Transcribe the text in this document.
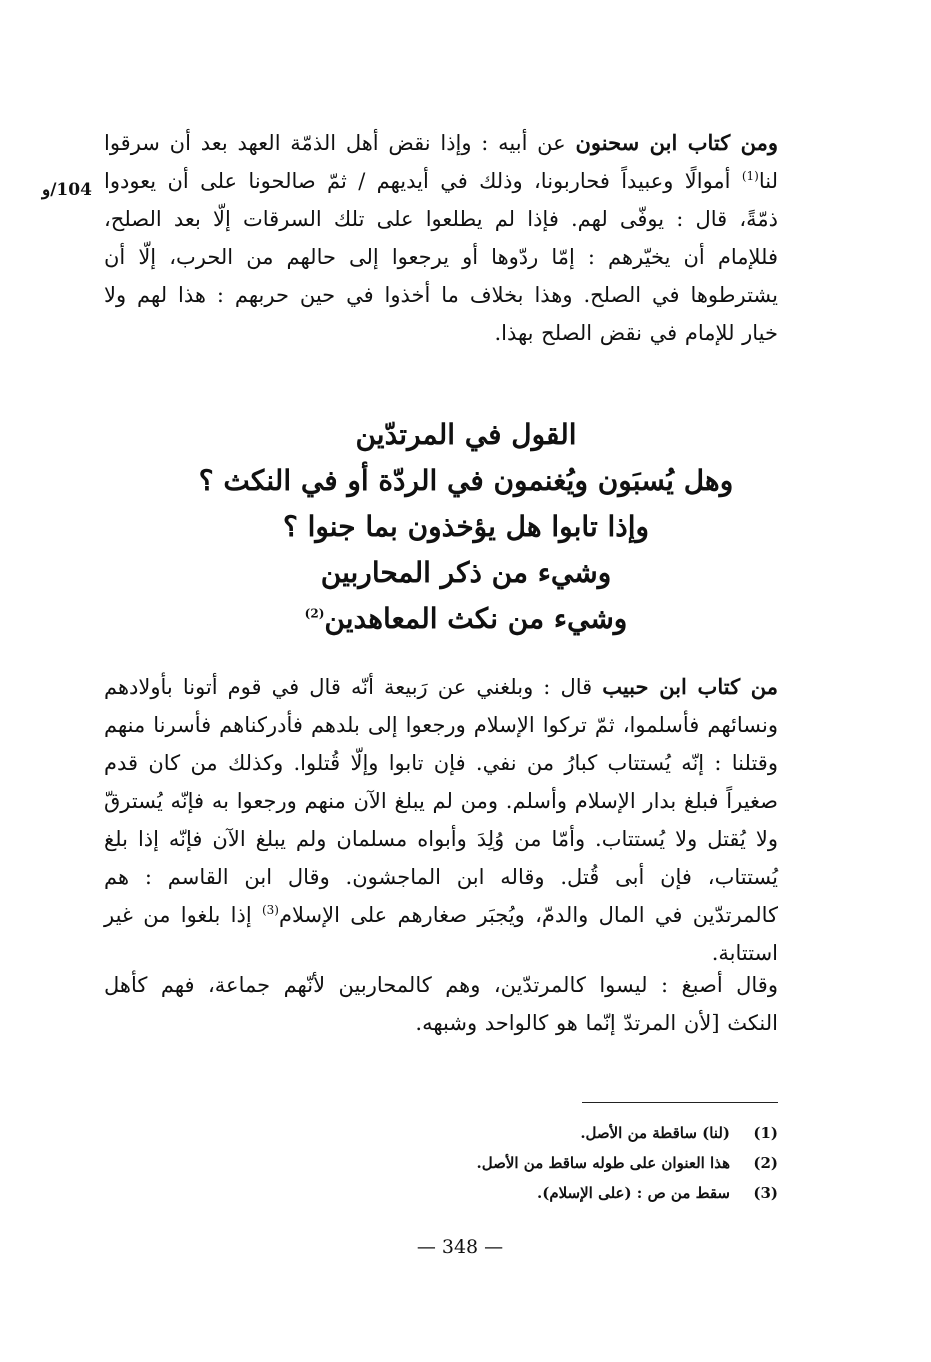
104/و

ومن كتاب ابن سحنون عن أبيه : وإذا نقض أهل الذمّة العهد بعد أن سرقوا لنا$^{(1)}$ أموالًا وعبيداً فحاربونا، وذلك في أيديهم / ثمّ صالحونا على أن يعودوا ذمّةً، قال : يوفّى لهم. فإذا لم يطلعوا على تلك السرقات إلّا بعد الصلح، فللإمام أن يخيّرهم : إمّا ردّوها أو يرجعوا إلى حالهم من الحرب، إلّا أن يشترطوها في الصلح. وهذا بخلاف ما أخذوا في حين حربهم : هذا لهم ولا خيار للإمام في نقض الصلح بهذا.

القول في المرتدّين
وهل يُسبَون ويُغنمون في الردّة أو في النكث ؟
وإذا تابوا هل يؤخذون بما جنوا ؟
وشيء من ذكر المحاربين
وشيء من نكث المعاهدين$^{(2)}$

من كتاب ابن حبيب قال : وبلغني عن رَبيعة أنّه قال في قوم أتونا بأولادهم ونسائهم فأسلموا، ثمّ تركوا الإسلام ورجعوا إلى بلدهم فأدركناهم فأسرنا منهم وقتلنا : إنّه يُستتاب كبارُ من نفي. فإن تابوا وإلّا قُتلوا. وكذلك من كان قدم صغيراً فبلغ بدار الإسلام وأسلم. ومن لم يبلغ الآن منهم ورجعوا به فإنّه يُسترقّ ولا يُقتل ولا يُستتاب. وأمّا من وُلِدَ وأبواه مسلمان ولم يبلغ الآن فإنّه إذا بلغ يُستتاب، فإن أبى قُتل. وقاله ابن الماجشون. وقال ابن القاسم : هم كالمرتدّين في المال والدمّ، ويُجبَر صغارهم على الإسلام$^{(3)}$ إذا بلغوا من غير استتابة.

وقال أصبغ : ليسوا كالمرتدّين، وهم كالمحاربين لأنّهم جماعة، فهم كأهل النكث [لأن المرتدّ إنّما هو كالواحد وشبهه.

(1)(لنا) ساقطة من الأصل.
(2)هذا العنوان على طوله ساقط من الأصل.
(3)سقط من ص : (على الإسلام).
— 348 —
